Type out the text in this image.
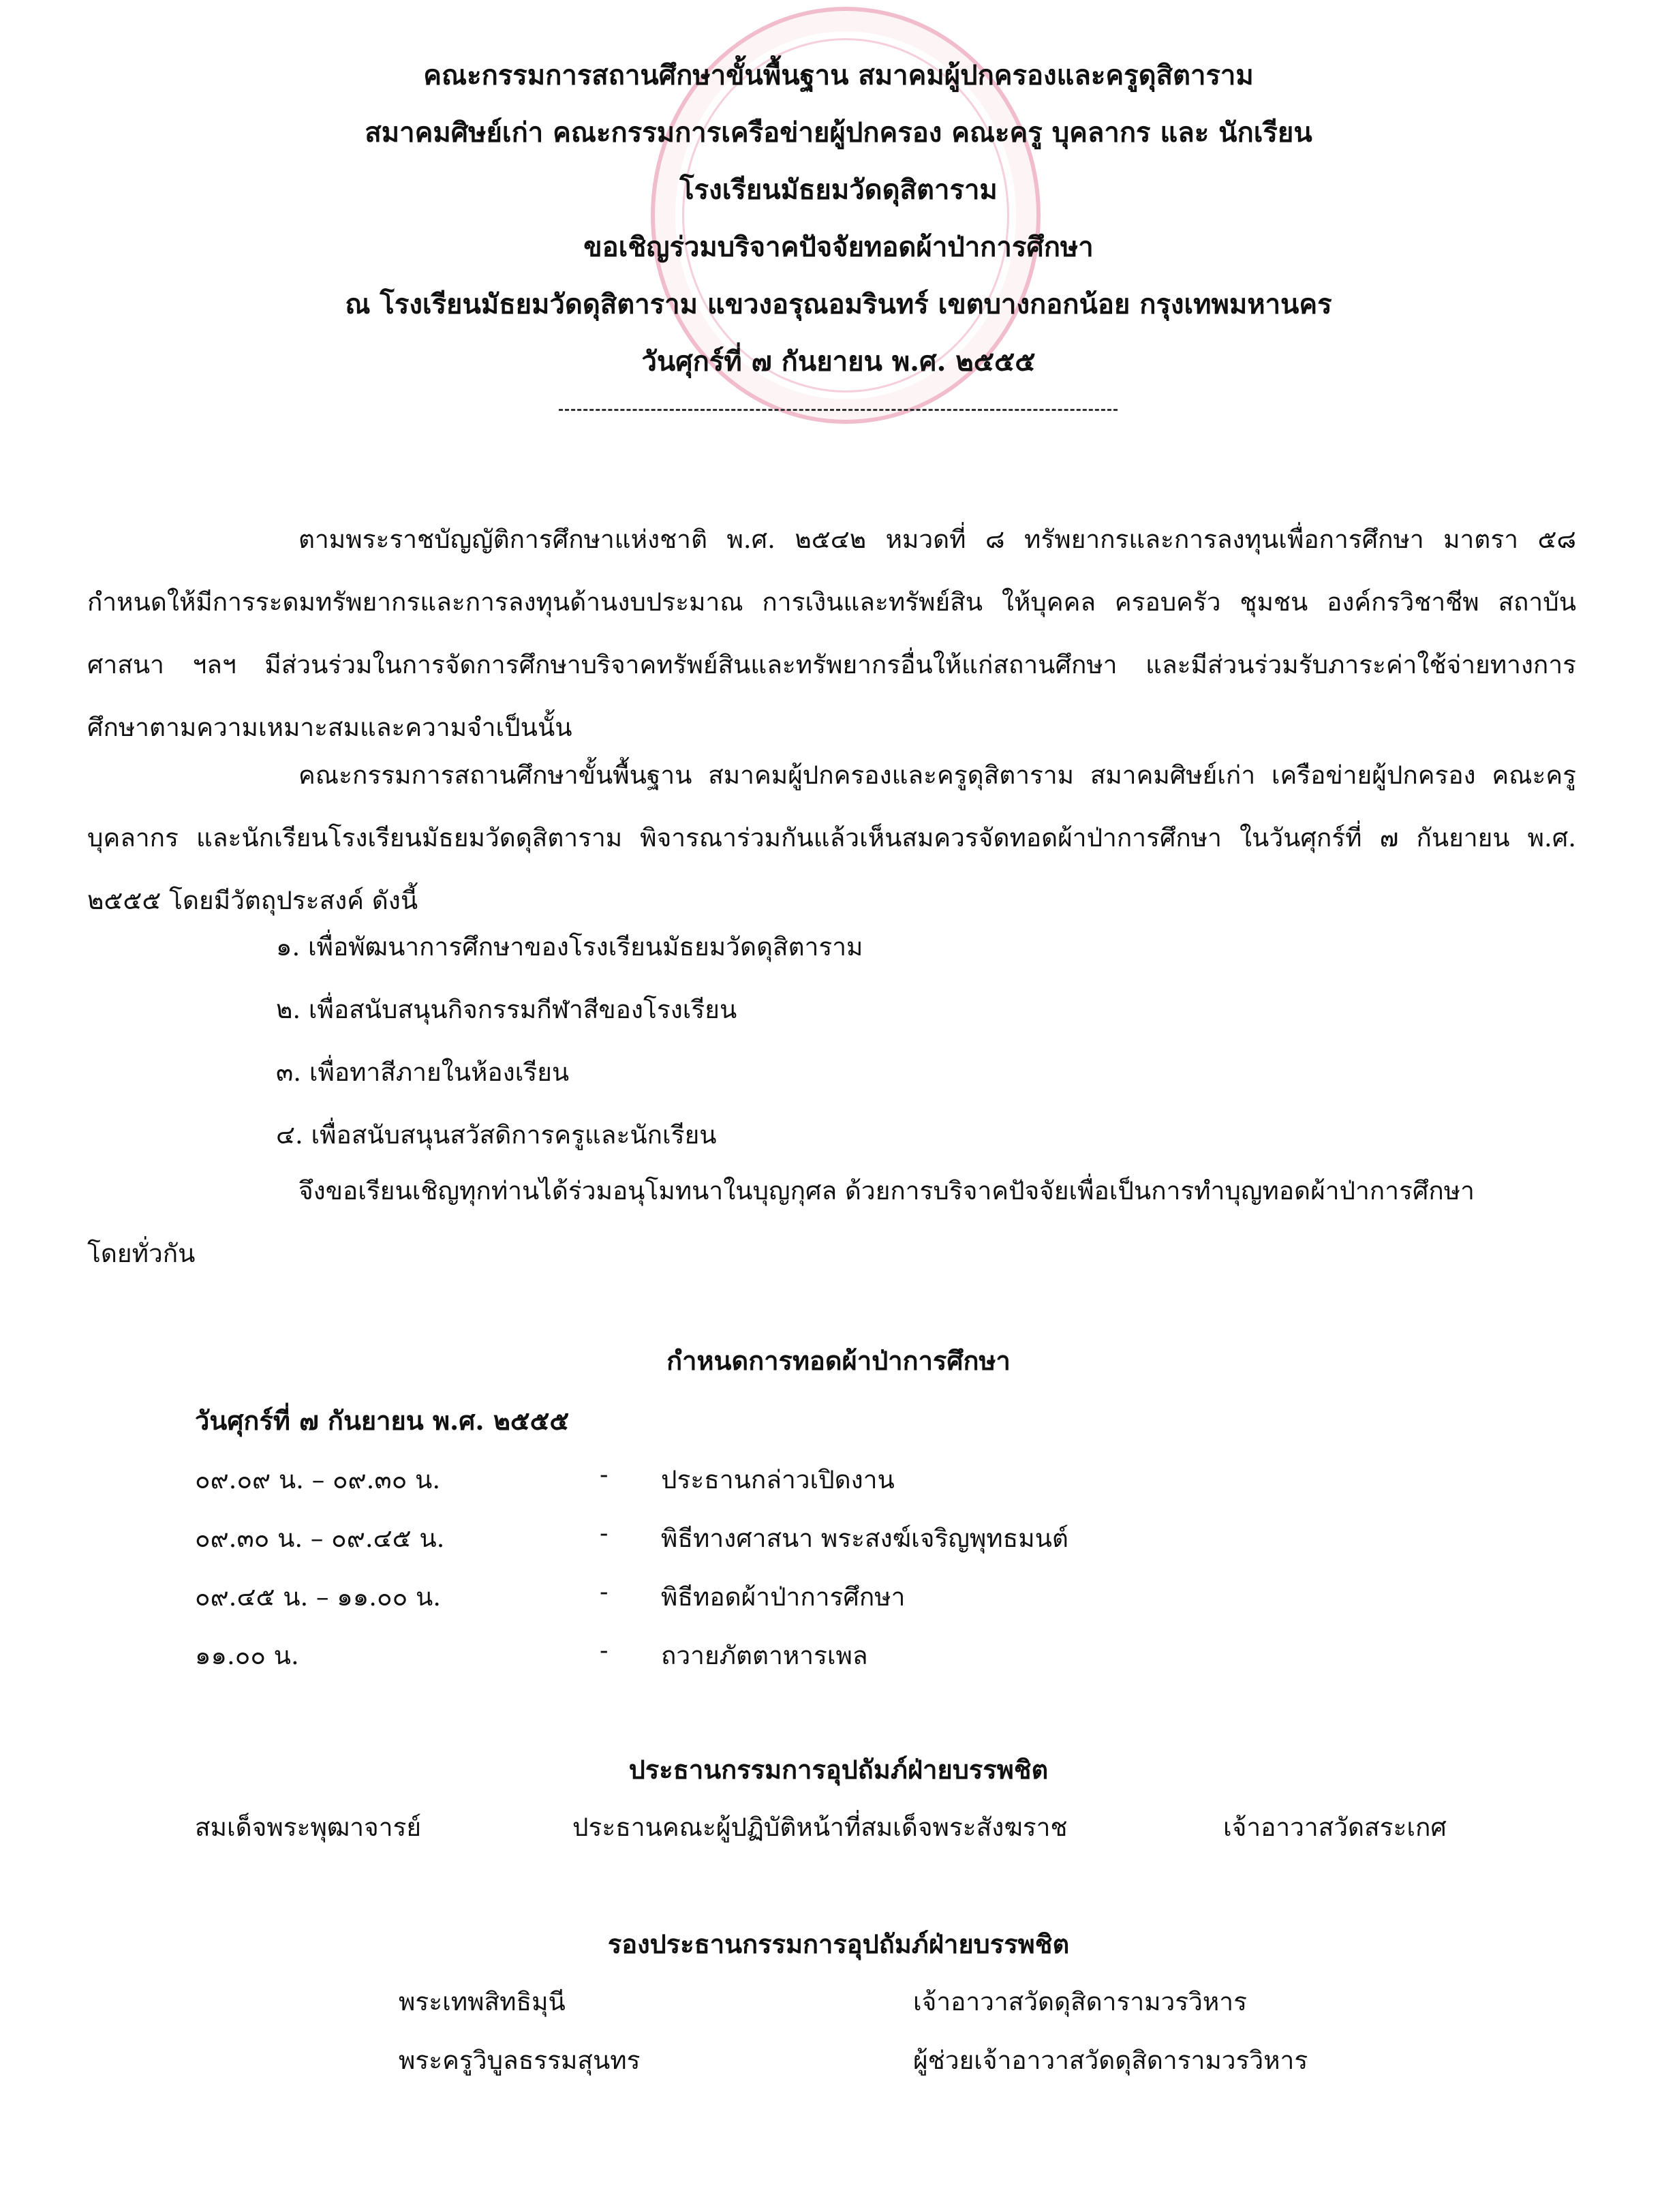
คณะกรรมการสถานศึกษาขั้นพื้นฐาน สมาคมผู้ปกครองและครูดุสิตาราม
สมาคมศิษย์เก่า คณะกรรมการเครือข่ายผู้ปกครอง คณะครู บุคลากร และ นักเรียน
โรงเรียนมัธยมวัดดุสิตาราม
ขอเชิญร่วมบริจาคปัจจัยทอดผ้าป่าการศึกษา
ณ โรงเรียนมัธยมวัดดุสิตาราม แขวงอรุณอมรินทร์ เขตบางกอกน้อย กรุงเทพมหานคร
วันศุกร์ที่ ๗ กันยายน พ.ศ. ๒๕๕๕

ตามพระราชบัญญัติการศึกษาแห่งชาติ พ.ศ. ๒๕๔๒ หมวดที่ ๘ ทรัพยากรและการลงทุนเพื่อการศึกษา มาตรา ๕๘ กำหนดให้มีการระดมทรัพยากรและการลงทุนด้านงบประมาณ การเงินและทรัพย์สิน ให้บุคคล ครอบครัว ชุมชน องค์กรวิชาชีพ สถาบันศาสนา ฯลฯ มีส่วนร่วมในการจัดการศึกษาบริจาคทรัพย์สินและทรัพยากรอื่นให้แก่สถานศึกษา และมีส่วนร่วมรับภาระค่าใช้จ่ายทางการศึกษาตามความเหมาะสมและความจำเป็นนั้น

คณะกรรมการสถานศึกษาขั้นพื้นฐาน สมาคมผู้ปกครองและครูดุสิตาราม สมาคมศิษย์เก่า เครือข่ายผู้ปกครอง คณะครู บุคลากร และนักเรียนโรงเรียนมัธยมวัดดุสิตาราม พิจารณาร่วมกันแล้วเห็นสมควรจัดทอดผ้าป่าการศึกษา ในวันศุกร์ที่ ๗ กันยายน พ.ศ. ๒๕๕๕ โดยมีวัตถุประสงค์ ดังนี้

๑. เพื่อพัฒนาการศึกษาของโรงเรียนมัธยมวัดดุสิตาราม
๒. เพื่อสนับสนุนกิจกรรมกีฬาสีของโรงเรียน
๓. เพื่อทาสีภายในห้องเรียน
๔. เพื่อสนับสนุนสวัสดิการครูและนักเรียน
จึงขอเรียนเชิญทุกท่านได้ร่วมอนุโมทนาในบุญกุศล ด้วยการบริจาคปัจจัยเพื่อเป็นการทำบุญทอดผ้าป่าการศึกษา
โดยทั่วกัน
กำหนดการทอดผ้าป่าการศึกษา
วันศุกร์ที่ ๗ กันยายน พ.ศ. ๒๕๕๕
๐๙.๐๙ น. – ๐๙.๓๐ น.	- ประธานกล่าวเปิดงาน
๐๙.๓๐ น. – ๐๙.๔๕ น.	- พิธีทางศาสนา พระสงฆ์เจริญพุทธมนต์
๐๙.๔๕ น. – ๑๑.๐๐ น.	- พิธีทอดผ้าป่าการศึกษา
๑๑.๐๐ น.	- ถวายภัตตาหารเพล
ประธานกรรมการอุปถัมภ์ฝ่ายบรรพชิต
สมเด็จพระพุฒาจารย์	ประธานคณะผู้ปฏิบัติหน้าที่สมเด็จพระสังฆราช	เจ้าอาวาสวัดสระเกศ
รองประธานกรรมการอุปถัมภ์ฝ่ายบรรพชิต
พระเทพสิทธิมุนี	เจ้าอาวาสวัดดุสิดารามวรวิหาร
พระครูวิบูลธรรมสุนทร	ผู้ช่วยเจ้าอาวาสวัดดุสิดารามวรวิหาร
